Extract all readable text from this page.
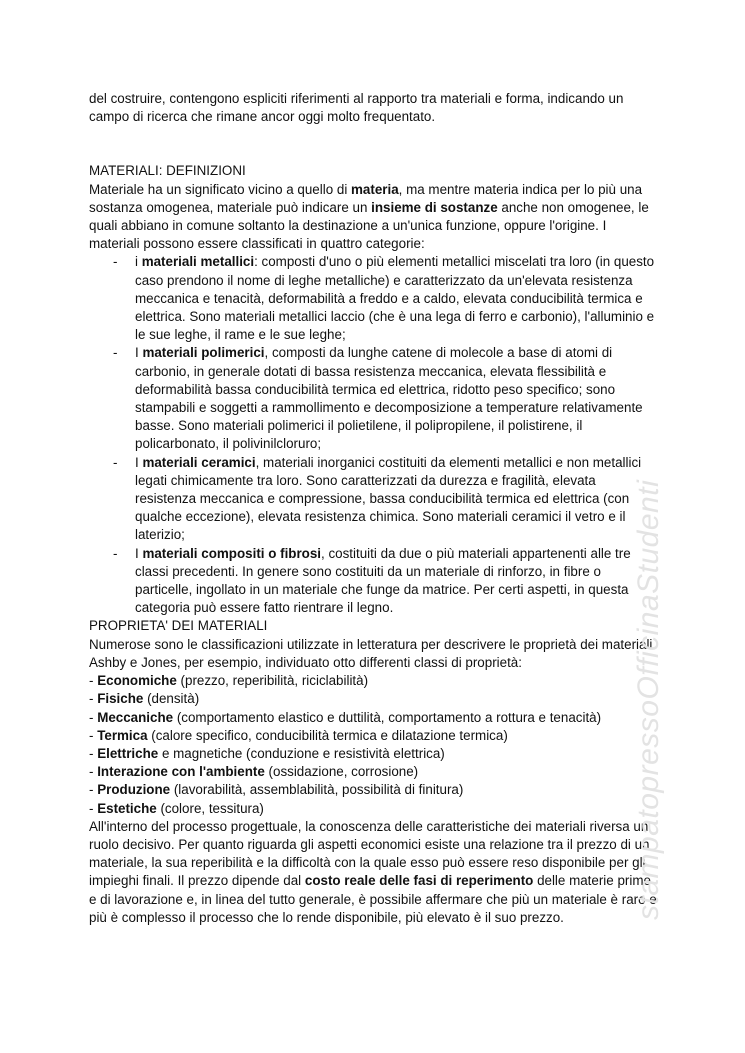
del costruire, contengono espliciti riferimenti al rapporto tra materiali e forma, indicando un campo di ricerca che rimane ancor oggi molto frequentato.

MATERIALI: DEFINIZIONI

Materiale ha un significato vicino a quello di materia, ma mentre materia indica per lo più una sostanza omogenea, materiale può indicare un insieme di sostanze anche non omogenee, le quali abbiano in comune soltanto la destinazione a un'unica funzione, oppure l'origine. I materiali possono essere classificati in quattro categorie:

- i materiali metallici: composti d'uno o più elementi metallici miscelati tra loro (in questo caso prendono il nome di leghe metalliche) e caratterizzato da un'elevata resistenza meccanica e tenacità, deformabilità a freddo e a caldo, elevata conducibilità termica e elettrica. Sono materiali metallici laccio (che è una lega di ferro e carbonio), l'alluminio e le sue leghe, il rame e le sue leghe;
- I materiali polimerici, composti da lunghe catene di molecole a base di atomi di carbonio, in generale dotati di bassa resistenza meccanica, elevata flessibilità e deformabilità bassa conducibilità termica ed elettrica, ridotto peso specifico; sono stampabili e soggetti a rammollimento e decomposizione a temperature relativamente basse. Sono materiali polimerici il polietilene, il polipropilene, il polistirene, il policarbonato, il polivinilcloruro;
- I materiali ceramici, materiali inorganici costituiti da elementi metallici e non metallici legati chimicamente tra loro. Sono caratterizzati da durezza e fragilità, elevata resistenza meccanica e compressione, bassa conducibilità termica ed elettrica (con qualche eccezione), elevata resistenza chimica. Sono materiali ceramici il vetro e il laterizio;
- I materiali compositi o fibrosi, costituiti da due o più materiali appartenenti alle tre classi precedenti. In genere sono costituiti da un materiale di rinforzo, in fibre o particelle, ingollato in un materiale che funge da matrice. Per certi aspetti, in questa categoria può essere fatto rientrare il legno.

PROPRIETA' DEI MATERIALI

Numerose sono le classificazioni utilizzate in letteratura per descrivere le proprietà dei materiali. Ashby e Jones, per esempio, individuato otto differenti classi di proprietà:

- Economiche (prezzo, reperibilità, riciclabilità)

- Fisiche (densità)

- Meccaniche (comportamento elastico e duttilità, comportamento a rottura e tenacità)

- Termica (calore specifico, conducibilità termica e dilatazione termica)

- Elettriche e magnetiche (conduzione e resistività elettrica)

- Interazione con l'ambiente (ossidazione, corrosione)

- Produzione (lavorabilità, assemblabilità, possibilità di finitura)

- Estetiche (colore, tessitura)

All'interno del processo progettuale, la conoscenza delle caratteristiche dei materiali riversa un ruolo decisivo. Per quanto riguarda gli aspetti economici esiste una relazione tra il prezzo di un materiale, la sua reperibilità e la difficoltà con la quale esso può essere reso disponibile per gli impieghi finali. Il prezzo dipende dal costo reale delle fasi di reperimento delle materie prime e di lavorazione e, in linea del tutto generale, è possibile affermare che più un materiale è raro e più è complesso il processo che lo rende disponibile, più elevato è il suo prezzo.	stampatopressoOfficinaStudenti
